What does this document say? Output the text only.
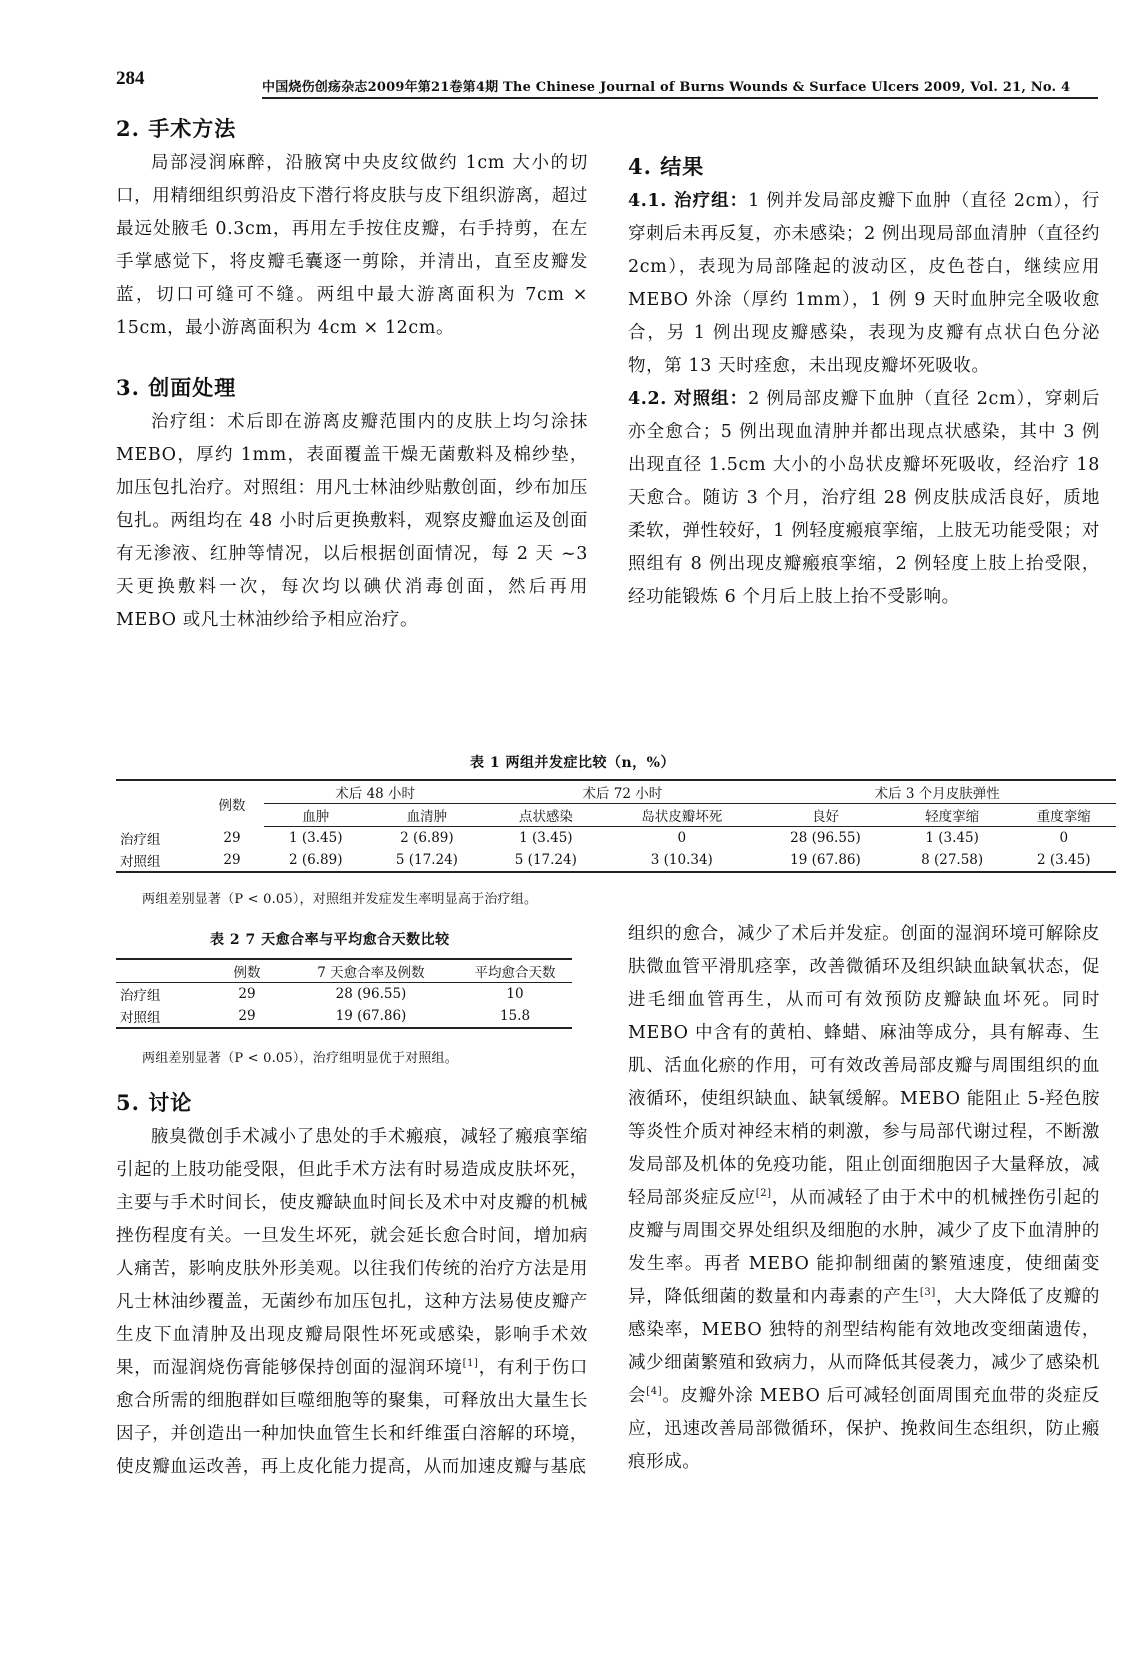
284	中国烧伤创疡杂志2009年第21卷第4期 The Chinese Journal of Burns Wounds & Surface Ulcers 2009, Vol. 21, No. 4
2. 手术方法

局部浸润麻醉，沿腋窝中央皮纹做约 1cm 大小的切口，用精细组织剪沿皮下潜行将皮肤与皮下组织游离，超过最远处腋毛 0.3cm，再用左手按住皮瓣，右手持剪，在左手掌感觉下，将皮瓣毛囊逐一剪除，并清出，直至皮瓣发蓝，切口可缝可不缝。两组中最大游离面积为 7cm × 15cm，最小游离面积为 4cm × 12cm。

3. 创面处理

治疗组：术后即在游离皮瓣范围内的皮肤上均匀涂抹 MEBO，厚约 1mm，表面覆盖干燥无菌敷料及棉纱垫，加压包扎治疗。对照组：用凡士林油纱贴敷创面，纱布加压包扎。两组均在 48 小时后更换敷料，观察皮瓣血运及创面有无渗液、红肿等情况，以后根据创面情况，每 2 天 ~3 天更换敷料一次，每次均以碘伏消毒创面，然后再用 MEBO 或凡士林油纱给予相应治疗。

4. 结果

4.1. 治疗组：1 例并发局部皮瓣下血肿（直径 2cm），行穿刺后未再反复，亦未感染；2 例出现局部血清肿（直径约 2cm），表现为局部隆起的波动区，皮色苍白，继续应用 MEBO 外涂（厚约 1mm），1 例 9 天时血肿完全吸收愈合，另 1 例出现皮瓣感染，表现为皮瓣有点状白色分泌物，第 13 天时痊愈，未出现皮瓣坏死吸收。

4.2. 对照组：2 例局部皮瓣下血肿（直径 2cm），穿刺后亦全愈合；5 例出现血清肿并都出现点状感染，其中 3 例出现直径 1.5cm 大小的小岛状皮瓣坏死吸收，经治疗 18 天愈合。随访 3 个月，治疗组 28 例皮肤成活良好，质地柔软，弹性较好，1 例轻度瘢痕挛缩，上肢无功能受限；对照组有 8 例出现皮瓣瘢痕挛缩，2 例轻度上肢上抬受限，经功能锻炼 6 个月后上肢上抬不受影响。

表 1 两组并发症比较（n，%）
	例数	术后 48 小时		术后 72 小时		术后 3 个月皮肤弹性		
		血肿	血清肿	点状感染	岛状皮瓣坏死	良好	轻度挛缩	重度挛缩
治疗组	29	1 (3.45)	2 (6.89)	1 (3.45)	0	28 (96.55)	1 (3.45)	0
对照组	29	2 (6.89)	5 (17.24)	5 (17.24)	3 (10.34)	19 (67.86)	8 (27.58)	2 (3.45)
两组差别显著（P < 0.05），对照组并发症发生率明显高于治疗组。
表 2 7 天愈合率与平均愈合天数比较
	例数	7 天愈合率及例数	平均愈合天数
治疗组	29	28 (96.55)	10
对照组	29	19 (67.86)	15.8
两组差别显著（P < 0.05），治疗组明显优于对照组。
5. 讨论

腋臭微创手术减小了患处的手术瘢痕，减轻了瘢痕挛缩引起的上肢功能受限，但此手术方法有时易造成皮肤坏死，主要与手术时间长，使皮瓣缺血时间长及术中对皮瓣的机械挫伤程度有关。一旦发生坏死，就会延长愈合时间，增加病人痛苦，影响皮肤外形美观。以往我们传统的治疗方法是用凡士林油纱覆盖，无菌纱布加压包扎，这种方法易使皮瓣产生皮下血清肿及出现皮瓣局限性坏死或感染，影响手术效果，而湿润烧伤膏能够保持创面的湿润环境[1]，有利于伤口愈合所需的细胞群如巨噬细胞等的聚集，可释放出大量生长因子，并创造出一种加快血管生长和纤维蛋白溶解的环境，使皮瓣血运改善，再上皮化能力提高，从而加速皮瓣与基底

组织的愈合，减少了术后并发症。创面的湿润环境可解除皮肤微血管平滑肌痉挛，改善微循环及组织缺血缺氧状态，促进毛细血管再生，从而可有效预防皮瓣缺血坏死。同时 MEBO 中含有的黄柏、蜂蜡、麻油等成分，具有解毒、生肌、活血化瘀的作用，可有效改善局部皮瓣与周围组织的血液循环，使组织缺血、缺氧缓解。MEBO 能阻止 5-羟色胺等炎性介质对神经末梢的刺激，参与局部代谢过程，不断激发局部及机体的免疫功能，阻止创面细胞因子大量释放，减轻局部炎症反应[2]，从而减轻了由于术中的机械挫伤引起的皮瓣与周围交界处组织及细胞的水肿，减少了皮下血清肿的发生率。再者 MEBO 能抑制细菌的繁殖速度，使细菌变异，降低细菌的数量和内毒素的产生[3]，大大降低了皮瓣的感染率，MEBO 独特的剂型结构能有效地改变细菌遗传，减少细菌繁殖和致病力，从而降低其侵袭力，减少了感染机会[4]。皮瓣外涂 MEBO 后可减轻创面周围充血带的炎症反应，迅速改善局部微循环，保护、挽救间生态组织，防止瘢痕形成。
